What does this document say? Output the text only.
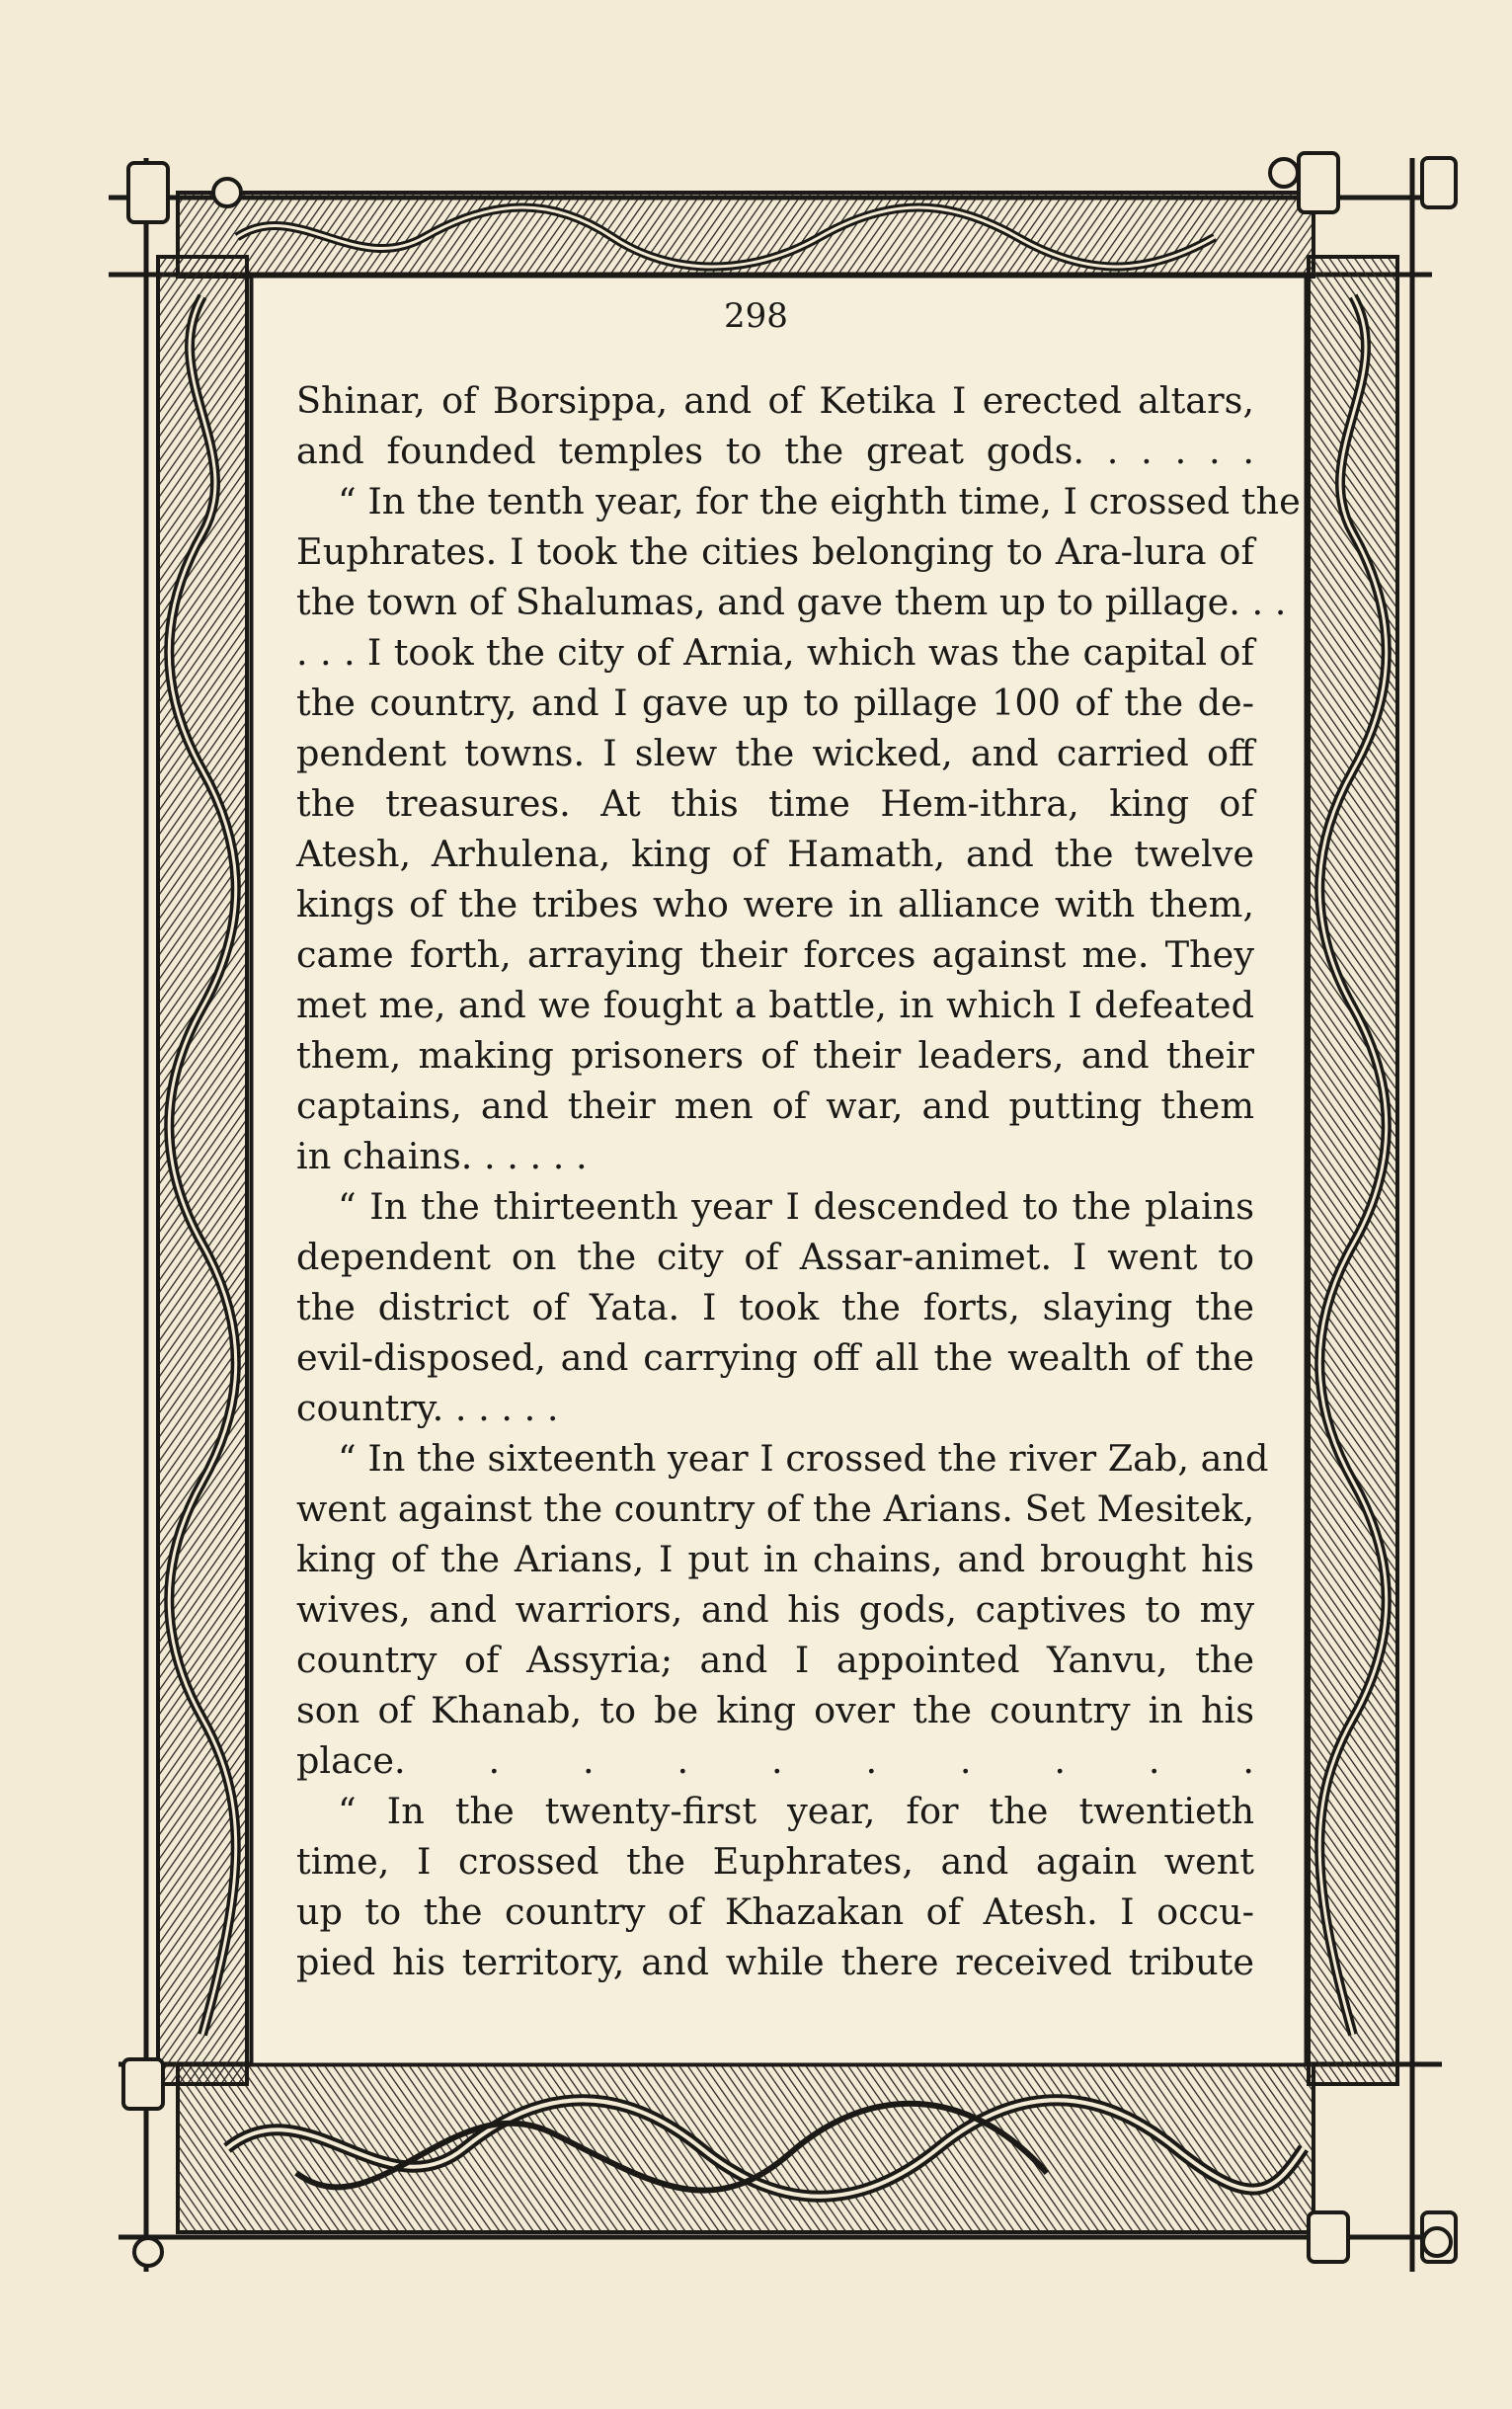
298
Shinar, of Borsippa, and of Ketika I erected altars,
and founded temples to the great gods. . . . . .
“ In the tenth year, for the eighth time, I crossed the
Euphrates. I took the cities belonging to Ara-lura of
the town of Shalumas, and gave them up to pillage. . .
. . . I took the city of Arnia, which was the capital of
the country, and I gave up to pillage 100 of the de-
pendent towns. I slew the wicked, and carried off
the treasures. At this time Hem-ithra, king of
Atesh, Arhulena, king of Hamath, and the twelve
kings of the tribes who were in alliance with them,
came forth, arraying their forces against me. They
met me, and we fought a battle, in which I defeated
them, making prisoners of their leaders, and their
captains, and their men of war, and putting them
in chains. . . . . .
“ In the thirteenth year I descended to the plains
dependent on the city of Assar-animet. I went to
the district of Yata. I took the forts, slaying the
evil-disposed, and carrying off all the wealth of the
country. . . . . .
“ In the sixteenth year I crossed the river Zab, and
went against the country of the Arians. Set Mesitek,
king of the Arians, I put in chains, and brought his
wives, and warriors, and his gods, captives to my
country of Assyria; and I appointed Yanvu, the
son of Khanab, to be king over the country in his
place. . . . . . . . . .
“ In the twenty-first year, for the twentieth
time, I crossed the Euphrates, and again went
up to the country of Khazakan of Atesh. I occu-
pied his territory, and while there received tribute
